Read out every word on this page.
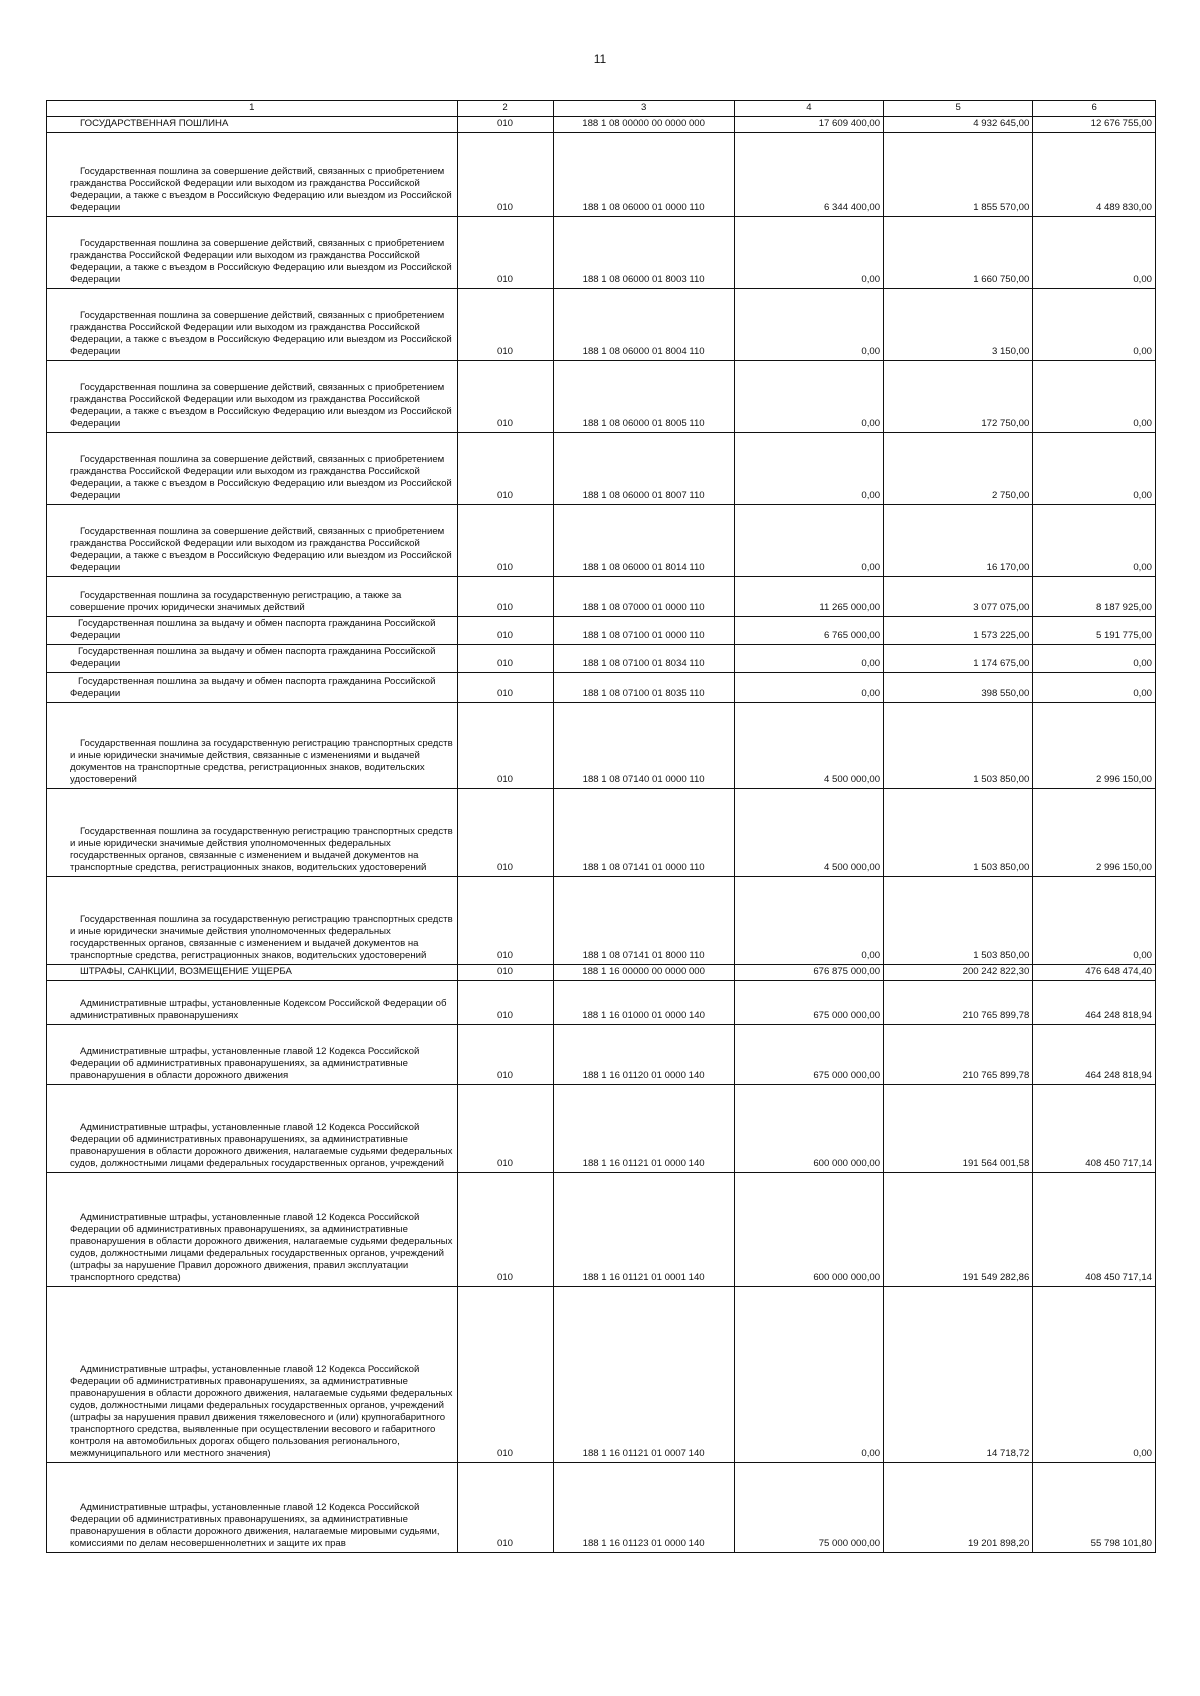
11
1	2	3	4	5	6

ГОСУДАРСТВЕННАЯ ПОШЛИНА	010	188 1 08 00000 00 0000 000	17 609 400,00	4 932 645,00	12 676 755,00

Государственная пошлина за совершение действий, связанных с приобретением гражданства Российской Федерации или выходом из гражданства Российской Федерации, а также с въездом в Российскую Федерацию или выездом из Российской Федерации	010	188 1 08 06000 01 0000 110	6 344 400,00	1 855 570,00	4 489 830,00

Государственная пошлина за совершение действий, связанных с приобретением гражданства Российской Федерации или выходом из гражданства Российской Федерации, а также с въездом в Российскую Федерацию или выездом из Российской Федерации	010	188 1 08 06000 01 8003 110	0,00	1 660 750,00	0,00

Государственная пошлина за совершение действий, связанных с приобретением гражданства Российской Федерации или выходом из гражданства Российской Федерации, а также с въездом в Российскую Федерацию или выездом из Российской Федерации	010	188 1 08 06000 01 8004 110	0,00	3 150,00	0,00

Государственная пошлина за совершение действий, связанных с приобретением гражданства Российской Федерации или выходом из гражданства Российской Федерации, а также с въездом в Российскую Федерацию или выездом из Российской Федерации	010	188 1 08 06000 01 8005 110	0,00	172 750,00	0,00

Государственная пошлина за совершение действий, связанных с приобретением гражданства Российской Федерации или выходом из гражданства Российской Федерации, а также с въездом в Российскую Федерацию или выездом из Российской Федерации	010	188 1 08 06000 01 8007 110	0,00	2 750,00	0,00

Государственная пошлина за совершение действий, связанных с приобретением гражданства Российской Федерации или выходом из гражданства Российской Федерации, а также с въездом в Российскую Федерацию или выездом из Российской Федерации	010	188 1 08 06000 01 8014 110	0,00	16 170,00	0,00

Государственная пошлина за государственную регистрацию, а также за совершение прочих юридически значимых действий	010	188 1 08 07000 01 0000 110	11 265 000,00	3 077 075,00	8 187 925,00

Государственная пошлина за выдачу и обмен паспорта гражданина Российской Федерации	010	188 1 08 07100 01 0000 110	6 765 000,00	1 573 225,00	5 191 775,00

Государственная пошлина за выдачу и обмен паспорта гражданина Российской Федерации	010	188 1 08 07100 01 8034 110	0,00	1 174 675,00	0,00

Государственная пошлина за выдачу и обмен паспорта гражданина Российской Федерации	010	188 1 08 07100 01 8035 110	0,00	398 550,00	0,00

Государственная пошлина за государственную регистрацию транспортных средств и иные юридически значимые действия, связанные с изменениями и выдачей документов на транспортные средства, регистрационных знаков, водительских удостоверений	010	188 1 08 07140 01 0000 110	4 500 000,00	1 503 850,00	2 996 150,00

Государственная пошлина за государственную регистрацию транспортных средств и иные юридически значимые действия уполномоченных федеральных государственных органов, связанные с изменением и выдачей документов на транспортные средства, регистрационных знаков, водительских удостоверений	010	188 1 08 07141 01 0000 110	4 500 000,00	1 503 850,00	2 996 150,00

Государственная пошлина за государственную регистрацию транспортных средств и иные юридически значимые действия уполномоченных федеральных государственных органов, связанные с изменением и выдачей документов на транспортные средства, регистрационных знаков, водительских удостоверений	010	188 1 08 07141 01 8000 110	0,00	1 503 850,00	0,00

ШТРАФЫ, САНКЦИИ, ВОЗМЕЩЕНИЕ УЩЕРБА	010	188 1 16 00000 00 0000 000	676 875 000,00	200 242 822,30	476 648 474,40

Административные штрафы, установленные Кодексом Российской Федерации об административных правонарушениях	010	188 1 16 01000 01 0000 140	675 000 000,00	210 765 899,78	464 248 818,94

Административные штрафы, установленные главой 12 Кодекса Российской Федерации об административных правонарушениях, за административные правонарушения в области дорожного движения	010	188 1 16 01120 01 0000 140	675 000 000,00	210 765 899,78	464 248 818,94

Административные штрафы, установленные главой 12 Кодекса Российской Федерации об административных правонарушениях, за административные правонарушения в области дорожного движения, налагаемые судьями федеральных судов, должностными лицами федеральных государственных органов, учреждений	010	188 1 16 01121 01 0000 140	600 000 000,00	191 564 001,58	408 450 717,14

Административные штрафы, установленные главой 12 Кодекса Российской Федерации об административных правонарушениях, за административные правонарушения в области дорожного движения, налагаемые судьями федеральных судов, должностными лицами федеральных государственных органов, учреждений (штрафы за нарушение Правил дорожного движения, правил эксплуатации транспортного средства)	010	188 1 16 01121 01 0001 140	600 000 000,00	191 549 282,86	408 450 717,14

Административные штрафы, установленные главой 12 Кодекса Российской Федерации об административных правонарушениях, за административные правонарушения в области дорожного движения, налагаемые судьями федеральных судов, должностными лицами федеральных государственных органов, учреждений (штрафы за нарушения правил движения тяжеловесного и (или) крупногабаритного транспортного средства, выявленные при осуществлении весового и габаритного контроля на автомобильных дорогах общего пользования регионального, межмуниципального или местного значения)	010	188 1 16 01121 01 0007 140	0,00	14 718,72	0,00

Административные штрафы, установленные главой 12 Кодекса Российской Федерации об административных правонарушениях, за административные правонарушения в области дорожного движения, налагаемые мировыми судьями, комиссиями по делам несовершеннолетних и защите их прав	010	188 1 16 01123 01 0000 140	75 000 000,00	19 201 898,20	55 798 101,80
